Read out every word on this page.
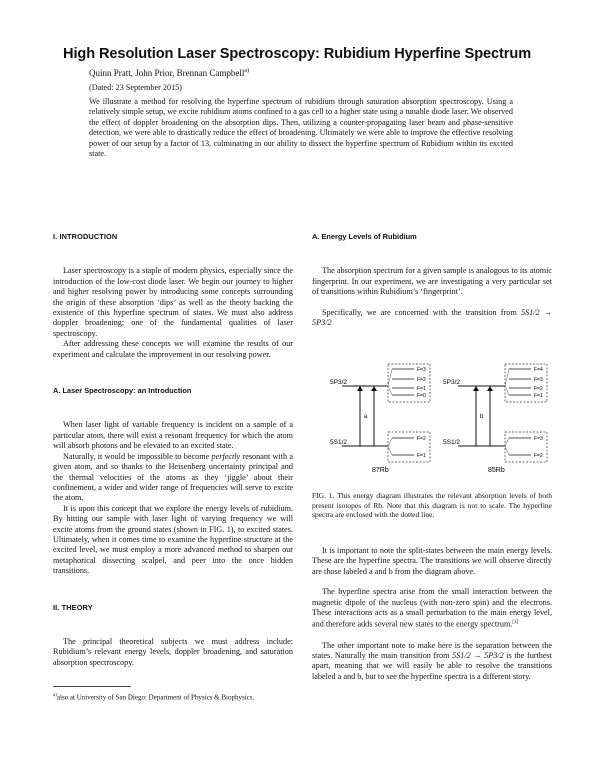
High Resolution Laser Spectroscopy: Rubidium Hyperfine Spectrum
Quinn Pratt, John Prior, Brennan Campbell$^{a)}$
(Dated: 23 September 2015)
We illustrate a method for resolving the hyperfine spectrum of rubidium through saturation absorption spectroscopy. Using a relatively simple setup, we excite rubidium atoms confined to a gas cell to a higher state using a tunable diode laser. We observed the effect of doppler broadening on the absorption dips. Then, utilizing a counter-propagating laser beam and phase-sensitive detection, we were able to drastically reduce the effect of broadening. Ultimately we were able to improve the effective resolving power of our setup by a factor of 13, culminating in our ability to dissect the hyperfine spectrum of Rubidium within its excited state.
I. INTRODUCTION

Laser spectroscopy is a staple of modern physics, especially since the introduction of the low-cost diode laser. We begin our journey to higher and higher resolving power by introducing some concepts surrounding the origin of these absorption ‘dips’ as well as the theory backing the existence of this hyperfine spectrum of states. We must also address doppler broadening; one of the fundamental qualities of laser spectroscopy.

After addressing these concepts we will examine the results of our experiment and calculate the improvement in our resolving power.

A. Laser Spectroscopy: an Introduction

When laser light of variable frequency is incident on a sample of a particular atom, there will exist a resonant frequency for which the atom will absorb photons and be elevated to an excited state.

Naturally, it would be impossible to become perfectly resonant with a given atom, and so thanks to the Heisenberg uncertainty principal and the thermal velocities of the atoms as they ‘jiggle’ about their confinement, a wider and wider range of frequencies will serve to excite the atom.

It is upon this concept that we explore the energy levels of rubidium. By hitting our sample with laser light of varying frequency we will excite atoms from the ground states (shown in FIG. 1), to excited states. Ultimately, when it comes time to examine the hyperfine structure at the excited level, we must employ a more advanced method to sharpen our metaphorical dissecting scalpel, and peer into the once hidden transitions.

II. THEORY

The principal theoretical subjects we must address include: Rubidium’s relevant energy levels, doppler broadening, and saturation absorption spectroscopy.

$^{a)}$also at University of San Diego: Department of Physics & Biophysics.
A. Energy Levels of Rubidium

The absorption spectrum for a given sample is analogous to its atomic fingerprint. In our experiment, we are investigating a very particular set of transitions within Rubidium’s ‘fingerprint’.

Specifically, we are concerned with the transition from 5S1/2 → 5P3/2

5P3/2
5S1/2
5P3/2
5S1/2
a	b
87Rb	85Rb
F=3
F=2
F=1
F=0
F=2
F=1
F=4
F=3
F=2
F=1
F=3
F=2
FIG. 1. This energy diagram illustrates the relevant absorption levels of both present isotopes of Rb. Note that this diagram is not to scale. The hyperfine spectra are enclosed with the dotted line.

It is important to note the split-states between the main energy levels. These are the hyperfine spectra. The transitions we will observe directly are those labeled a and b from the diagram above.

The hyperfine spectra arise from the small interaction between the magnetic dipole of the nucleus (with non-zero spin) and the electrons. These interactions acts as a small perturbation to the main energy level, and therefore adds several new states to the energy spectrum.[1]

The other important note to make here is the separation between the states. Naturally the main transition from 5S1/2 → 5P3/2 is the furthest apart, meaning that we will easily be able to resolve the transitions labeled a and b, but to see the hyperfine spectra is a different story.
